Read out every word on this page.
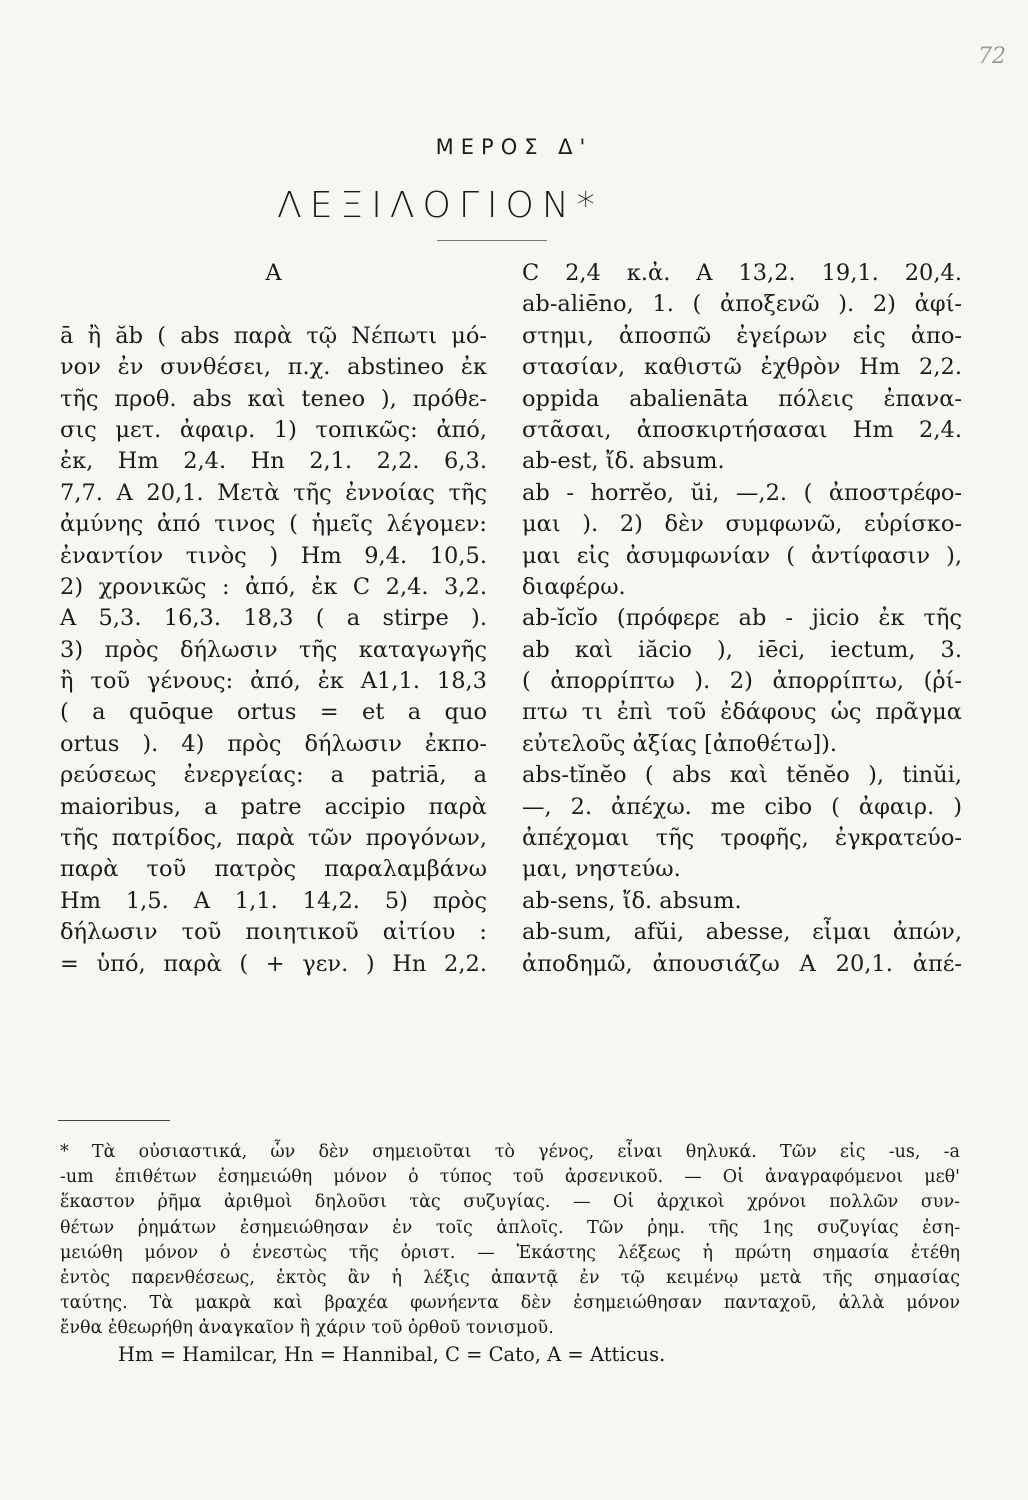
72
ΜΕΡΟΣ Δ'
ΛΕΞΙΛΟΓΙΟΝ*
A
ā ἢ ăb ( abs παρὰ τῷ Νέπωτι μό-
νον ἐν συνθέσει, π.χ. abstineo ἐκ
τῆς προθ. abs καὶ teneo ), πρόθε-
σις μετ. ἀφαιρ. 1) τοπικῶς: ἀπό,
ἐκ, Hm 2,4. Hn 2,1. 2,2. 6,3.
7,7. A 20,1. Μετὰ τῆς ἐννοίας τῆς
ἀμύνης ἀπό τινος ( ἡμεῖς λέγομεν:
ἐναντίον τινὸς ) Hm 9,4. 10,5.
2) χρονικῶς : ἀπό, ἐκ C 2,4. 3,2.
A 5,3. 16,3. 18,3 ( a stirpe ).
3) πρὸς δήλωσιν τῆς καταγωγῆς
ἢ τοῦ γένους: ἀπό, ἐκ A1,1. 18,3
( a quōque ortus = et a quo
ortus ). 4) πρὸς δήλωσιν ἐκπο-
ρεύσεως ἐνεργείας: a patriā, a
maioribus, a patre accipio παρὰ
τῆς πατρίδος, παρὰ τῶν προγόνων,
παρὰ τοῦ πατρὸς παραλαμβάνω
Hm 1,5. A 1,1. 14,2. 5) πρὸς
δήλωσιν τοῦ ποιητικοῦ αἰτίου :
= ὑπό, παρὰ ( + γεν. ) Hn 2,2.
C 2,4 κ.ἀ. A 13,2. 19,1. 20,4.
ab-aliēno, 1. ( ἀποξενῶ ). 2) ἀφί-
στημι, ἀποσπῶ ἐγείρων εἰς ἀπο-
στασίαν, καθιστῶ ἐχθρὸν Hm 2,2.
oppida abalienāta πόλεις ἐπανα-
στᾶσαι, ἀποσκιρτήσασαι Hm 2,4.
ab-est, ἴδ. absum.
ab - horrĕo, ŭi, —,2. ( ἀποστρέφο-
μαι ). 2) δὲν συμφωνῶ, εὑρίσκο-
μαι εἰς ἀσυμφωνίαν ( ἀντίφασιν ),
διαφέρω.
ab-ĭcĭo (πρόφερε ab - jicio ἐκ τῆς
ab καὶ iăcio ), iēci, iectum, 3.
( ἀπορρίπτω ). 2) ἀπορρίπτω, (ῥί-
πτω τι ἐπὶ τοῦ ἐδάφους ὡς πρᾶγμα
εὐτελοῦς ἀξίας [ἀποθέτω]).
abs-tĭnĕo ( abs καὶ tĕnĕo ), tinŭi,
—, 2. ἀπέχω. me cibo ( ἀφαιρ. )
ἀπέχομαι τῆς τροφῆς, ἐγκρατεύο-
μαι, νηστεύω.
ab-sens, ἴδ. absum.
ab-sum, afŭi, abesse, εἶμαι ἀπών,
ἀποδημῶ, ἀπουσιάζω A 20,1. ἀπέ-
* Τὰ οὐσιαστικά, ὧν δὲν σημειοῦται τὸ γένος, εἶναι θηλυκά. Τῶν εἰς -us, -a
-um ἐπιθέτων ἐσημειώθη μόνον ὁ τύπος τοῦ ἀρσενικοῦ. — Οἱ ἀναγραφόμενοι μεθ'
ἕκαστον ῥῆμα ἀριθμοὶ δηλοῦσι τὰς συζυγίας. — Οἱ ἀρχικοὶ χρόνοι πολλῶν συν-
θέτων ῥημάτων ἐσημειώθησαν ἐν τοῖς ἁπλοῖς. Τῶν ῥημ. τῆς 1ης συζυγίας ἐση-
μειώθη μόνον ὁ ἐνεστὼς τῆς ὁριστ. — Ἑκάστης λέξεως ἡ πρώτη σημασία ἐτέθη
ἐντὸς παρενθέσεως, ἐκτὸς ἂν ἡ λέξις ἀπαντᾷ ἐν τῷ κειμένῳ μετὰ τῆς σημασίας
ταύτης. Τὰ μακρὰ καὶ βραχέα φωνήεντα δὲν ἐσημειώθησαν πανταχοῦ, ἀλλὰ μόνον
ἔνθα ἐθεωρήθη ἀναγκαῖον ἢ χάριν τοῦ ὀρθοῦ τονισμοῦ.
Hm = Hamilcar, Hn = Hannibal, C = Cato, A = Atticus.
